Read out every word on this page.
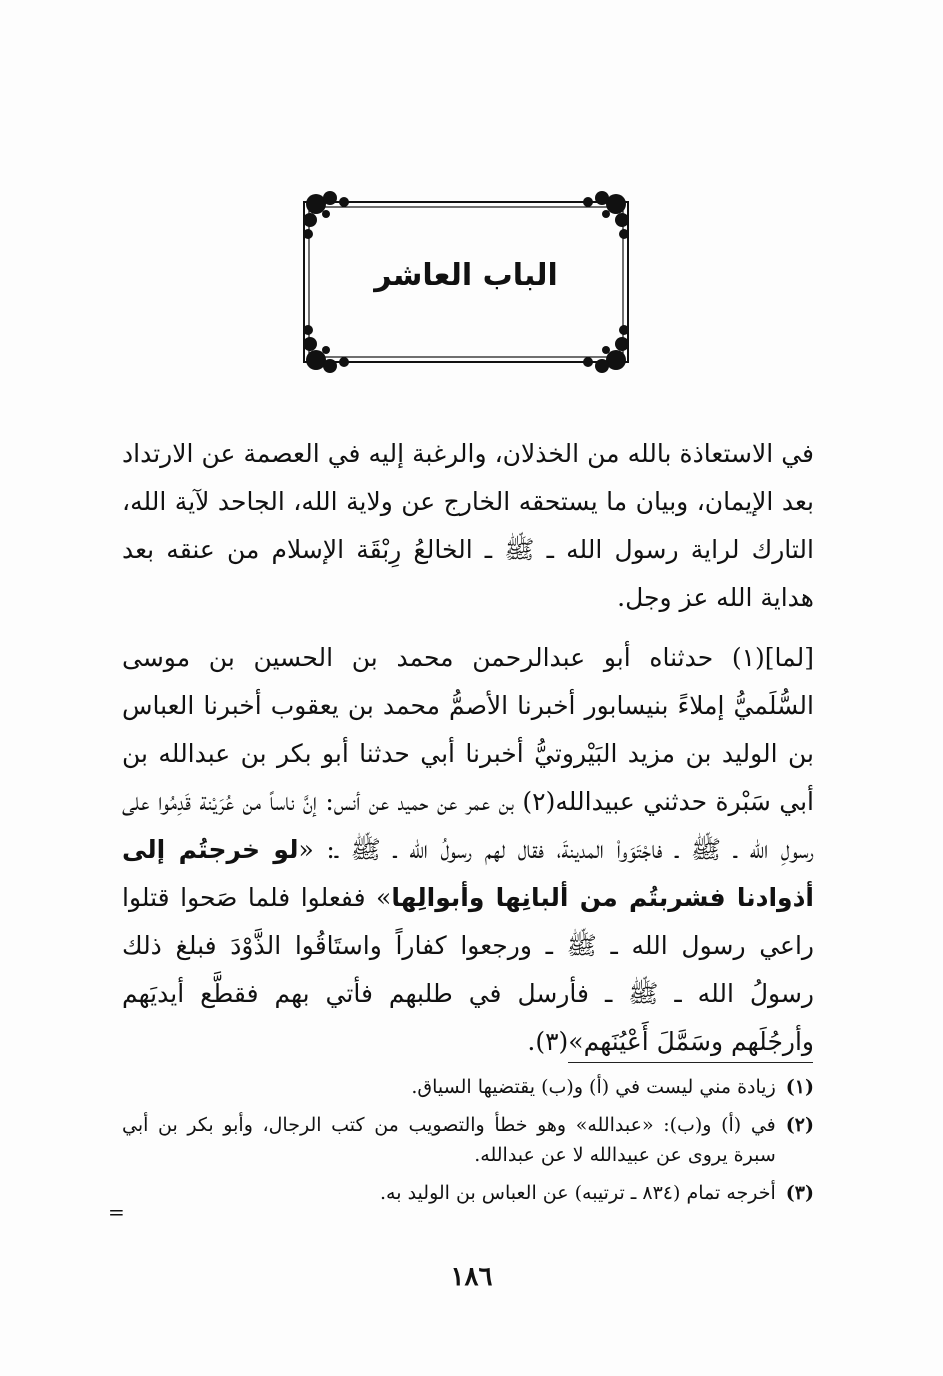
الباب العاشر
في الاستعاذة بالله من الخذلان، والرغبة إليه في العصمة عن الارتداد بعد الإيمان، وبيان ما يستحقه الخارج عن ولاية الله، الجاحد لآية الله، التارك لراية رسول الله ـ ﷺ ـ الخالعُ رِبْقَة الإسلام من عنقه بعد هداية الله عز وجل.
[لما](١) حدثناه أبو عبدالرحمن محمد بن الحسين بن موسى السُّلَميُّ إملاءً بنيسابور أخبرنا الأصمُّ محمد بن يعقوب أخبرنا العباس بن الوليد بن مزيد البَيْروتيُّ أخبرنا أبي حدثنا أبو بكر بن عبدالله بن أبي سَبْرة حدثني عبيدالله(٢) بن عمر عن حميد عن أنس: إنَّ ناساً من عُرَيْنة قَدِمُوا على رسولِ الله ـ ﷺ ـ فاجْتَوَواْ المدينةَ، فقال لهم رسولُ الله ـ ﷺ ـ: «لو خرجتُم إلى أذوادنا فشربتُم من ألبانِها وأبوالِها» ففعلوا فلما صَحوا قتلوا راعي رسول الله ـ ﷺ ـ ورجعوا كفاراً واستَاقُوا الذَّوْدَ فبلغ ذلك رسولُ الله ـ ﷺ ـ فأرسل في طلبهم فأتي بهم فقطَّع أيديَهم وأرجُلَهم وسَمَّلَ أَعْيُنَهم»(٣).
(١)
زيادة مني ليست في (أ) و(ب) يقتضيها السياق.
(٢)
في (أ) و(ب): «عبدالله» وهو خطأ والتصويب من كتب الرجال، وأبو بكر بن أبي سبرة يروى عن عبيدالله لا عن عبدالله.
(٣)
أخرجه تمام (٨٣٤ ـ ترتيبه) عن العباس بن الوليد به.
=
١٨٦
